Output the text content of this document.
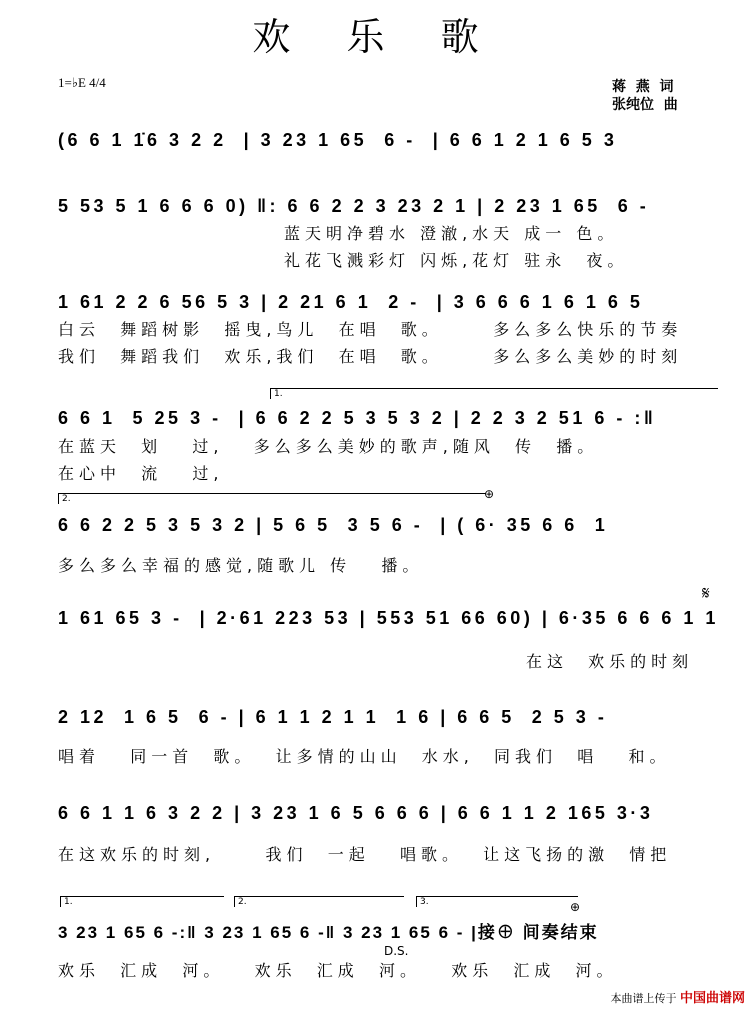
欢 乐 歌
1=♭E 4/4	蒋  燕  词
张纯位  曲
(6 6 1 1̇6 3 2 2  | 3 23 1 65  6 -  | 6 6 1 2 1 6 5 3
5 53 5 1 6 6 6 0) ‖: 6 6 2 2 3 23 2 1 | 2 23 1 65  6 -
蓝天明净碧水 澄澈,水天 成一 色。
礼花飞溅彩灯 闪烁,花灯 驻永  夜。
1 61 2 2 6 56 5 3 | 2 21 6 1  2 -  | 3 6 6 6 1 6 1 6 5
白云  舞蹈树影  摇曳,鸟儿  在唱  歌。     多么多么快乐的节奏
我们  舞蹈我们  欢乐,我们  在唱  歌。     多么多么美妙的时刻
1.
6 6 1  5 25 3 -  | 6 6 2 2 5 3 5 3 2 | 2 2 3 2 51 6 - :‖
在蓝天  划   过,   多么多么美妙的歌声,随风  传  播。
在心中  流   过,
2.	⊕
6 6 2 2 5 3 5 3 2 | 5 6 5  3 5 6 -  | ( 6· 35 6 6  1
多么多么幸福的感觉,随歌儿 传   播。
𝄋
1 61 65 3 -  | 2·61 223 53 | 553 51 66 60) | 6·35 6 6 6 1 1
在这  欢乐的时刻
2 12  1 6 5  6 - | 6 1 1 2 1 1  1 6 | 6 6 5  2 5 3 -
唱着   同一首  歌。  让多情的山山  水水,  同我们  唱   和。
6 6 1 1 6 3 2 2 | 3 23 1 6 5 6 6 6 | 6 6 1 1 2 165 3·3
在这欢乐的时刻,     我们  一起   唱歌。  让这飞扬的激  情把
1.	2.	3.	⊕
3 23 1 65 6 -:‖ 3 23 1 65 6 -‖ 3 23 1 65 6 - |接⊕ 间奏结束
D.S.
欢乐  汇成  河。   欢乐  汇成  河。   欢乐  汇成  河。
本曲谱上传于 中国曲谱网
